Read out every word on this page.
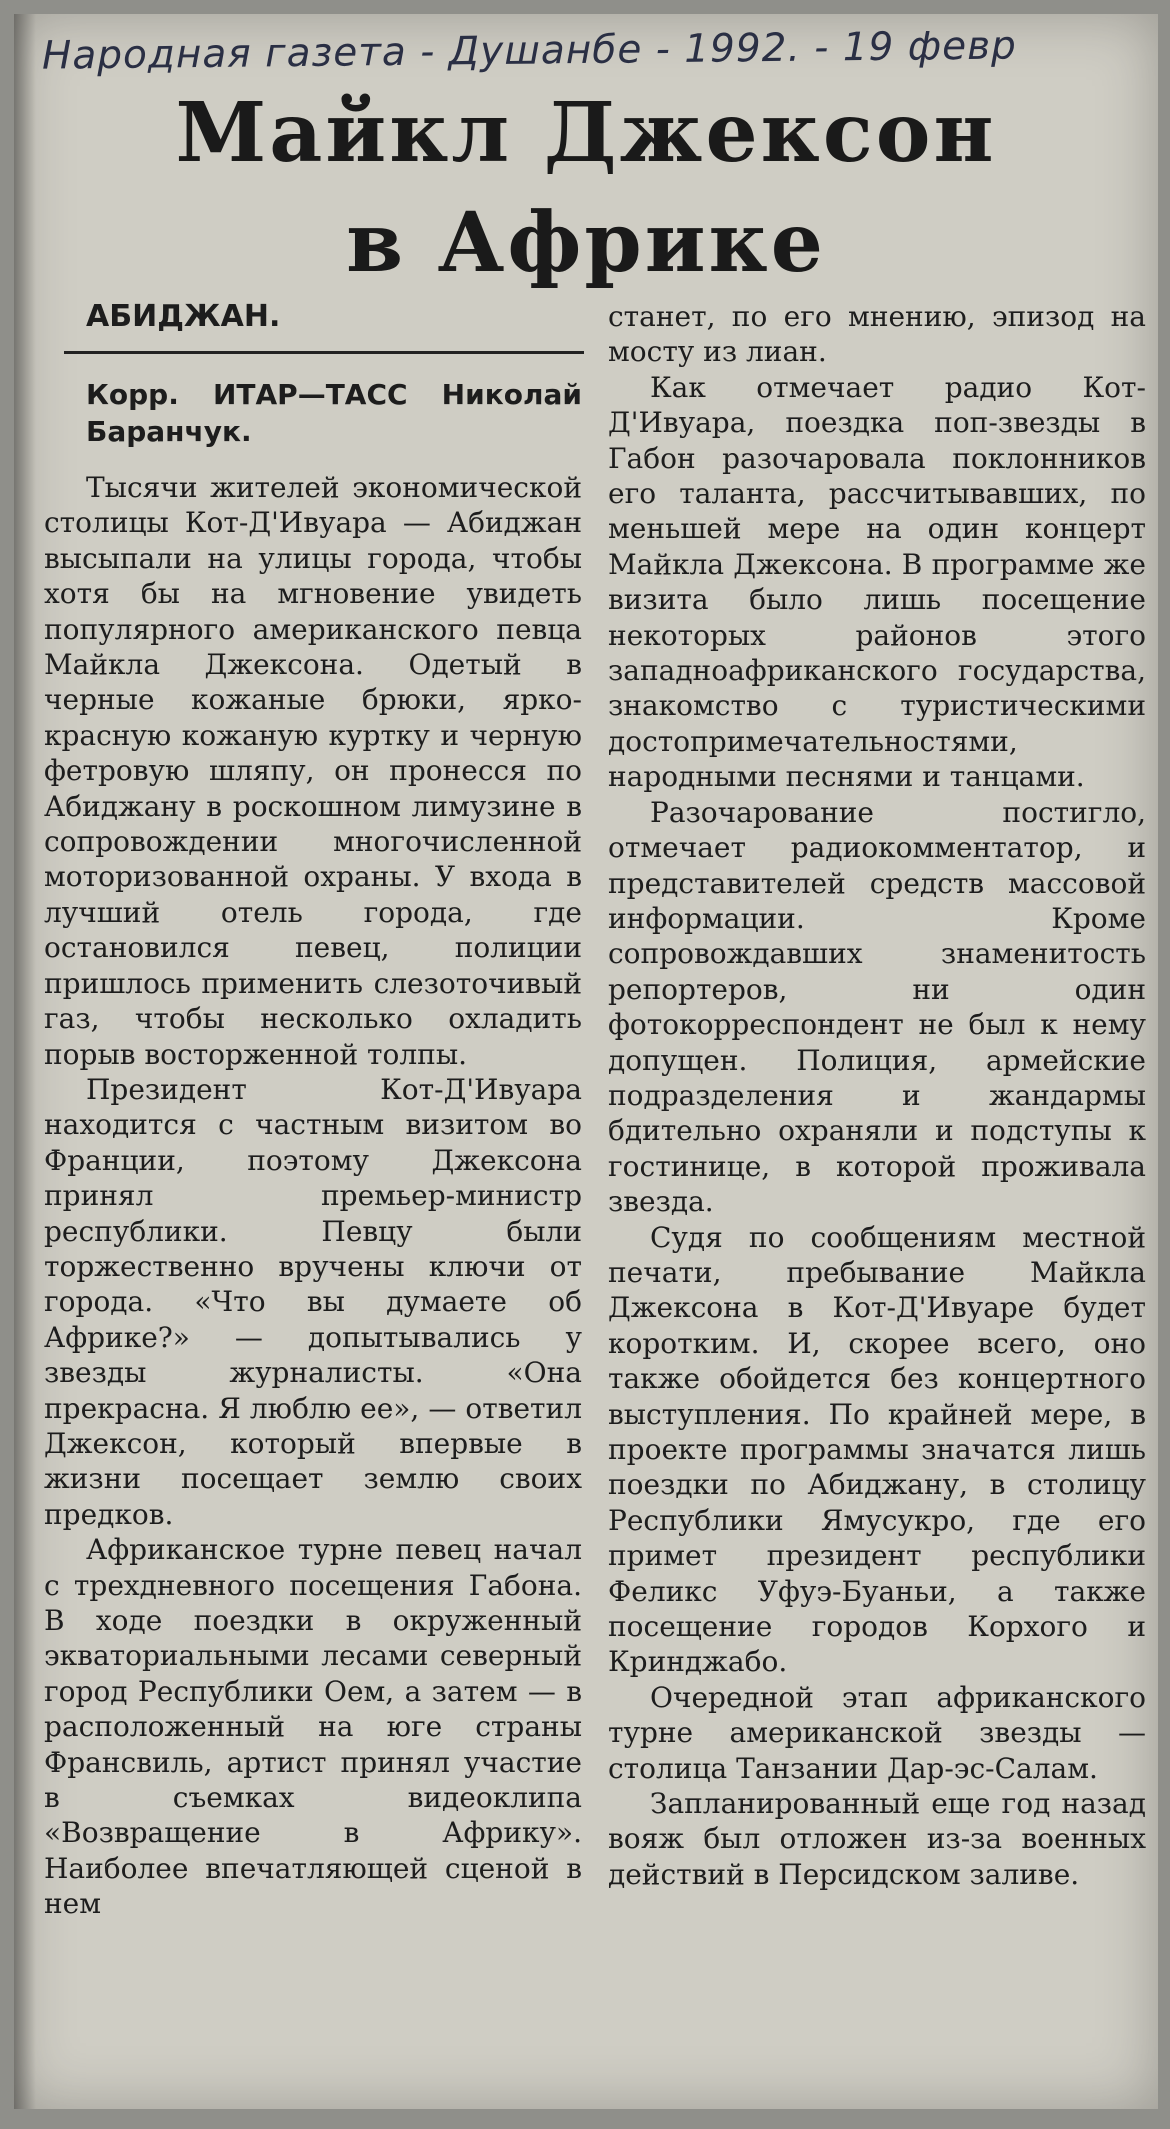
Народная газета - Душанбе - 1992. - 19 февр
Майкл Джексон
в Африке
АБИДЖАН.
Корр. ИТАР—ТАСС Николай Баранчук.

Тысячи жителей экономической столицы Кот-Д'Ивуара — Абиджан высыпали на улицы города, чтобы хотя бы на мгновение увидеть популярного американского певца Майкла Джексона. Одетый в черные кожаные брюки, ярко-красную кожаную куртку и черную фетровую шляпу, он пронесся по Абиджану в роскошном лимузине в сопровождении многочисленной моторизованной охраны. У входа в лучший отель города, где остановился певец, полиции пришлось применить слезоточивый газ, чтобы несколько охладить порыв восторженной толпы.

Президент Кот-Д'Ивуара находится с частным визитом во Франции, поэтому Джексона принял премьер-министр республики. Певцу были торжественно вручены ключи от города. «Что вы думаете об Африке?» — допытывались у звезды журналисты. «Она прекрасна. Я люблю ее», — ответил Джексон, который впервые в жизни посещает землю своих предков.

Африканское турне певец начал с трехдневного посещения Габона. В ходе поездки в окруженный экваториальными лесами северный город Республики Оем, а затем — в расположенный на юге страны Франсвиль, артист принял участие в съемках видеоклипа «Возвращение в Африку». Наиболее впечатляющей сценой в нем

станет, по его мнению, эпизод на мосту из лиан.

Как отмечает радио Кот-Д'Ивуара, поездка поп-звезды в Габон разочаровала поклонников его таланта, рассчитывавших, по меньшей мере на один концерт Майкла Джексона. В программе же визита было лишь посещение некоторых районов этого западноафриканского государства, знакомство с туристическими достопримечательностями, народными песнями и танцами.

Разочарование постигло, отмечает радиокомментатор, и представителей средств массовой информации. Кроме сопровождавших знаменитость репортеров, ни один фотокорреспондент не был к нему допущен. Полиция, армейские подразделения и жандармы бдительно охраняли и подступы к гостинице, в которой проживала звезда.

Судя по сообщениям местной печати, пребывание Майкла Джексона в Кот-Д'Ивуаре будет коротким. И, скорее всего, оно также обойдется без концертного выступления. По крайней мере, в проекте программы значатся лишь поездки по Абиджану, в столицу Республики Ямусукро, где его примет президент республики Феликс Уфуэ-Буаньи, а также посещение городов Корхого и Кринджабо.

Очередной этап африканского турне американской звезды — столица Танзании Дар-эс-Салам.

Запланированный еще год назад вояж был отложен из-за военных действий в Персидском заливе.
